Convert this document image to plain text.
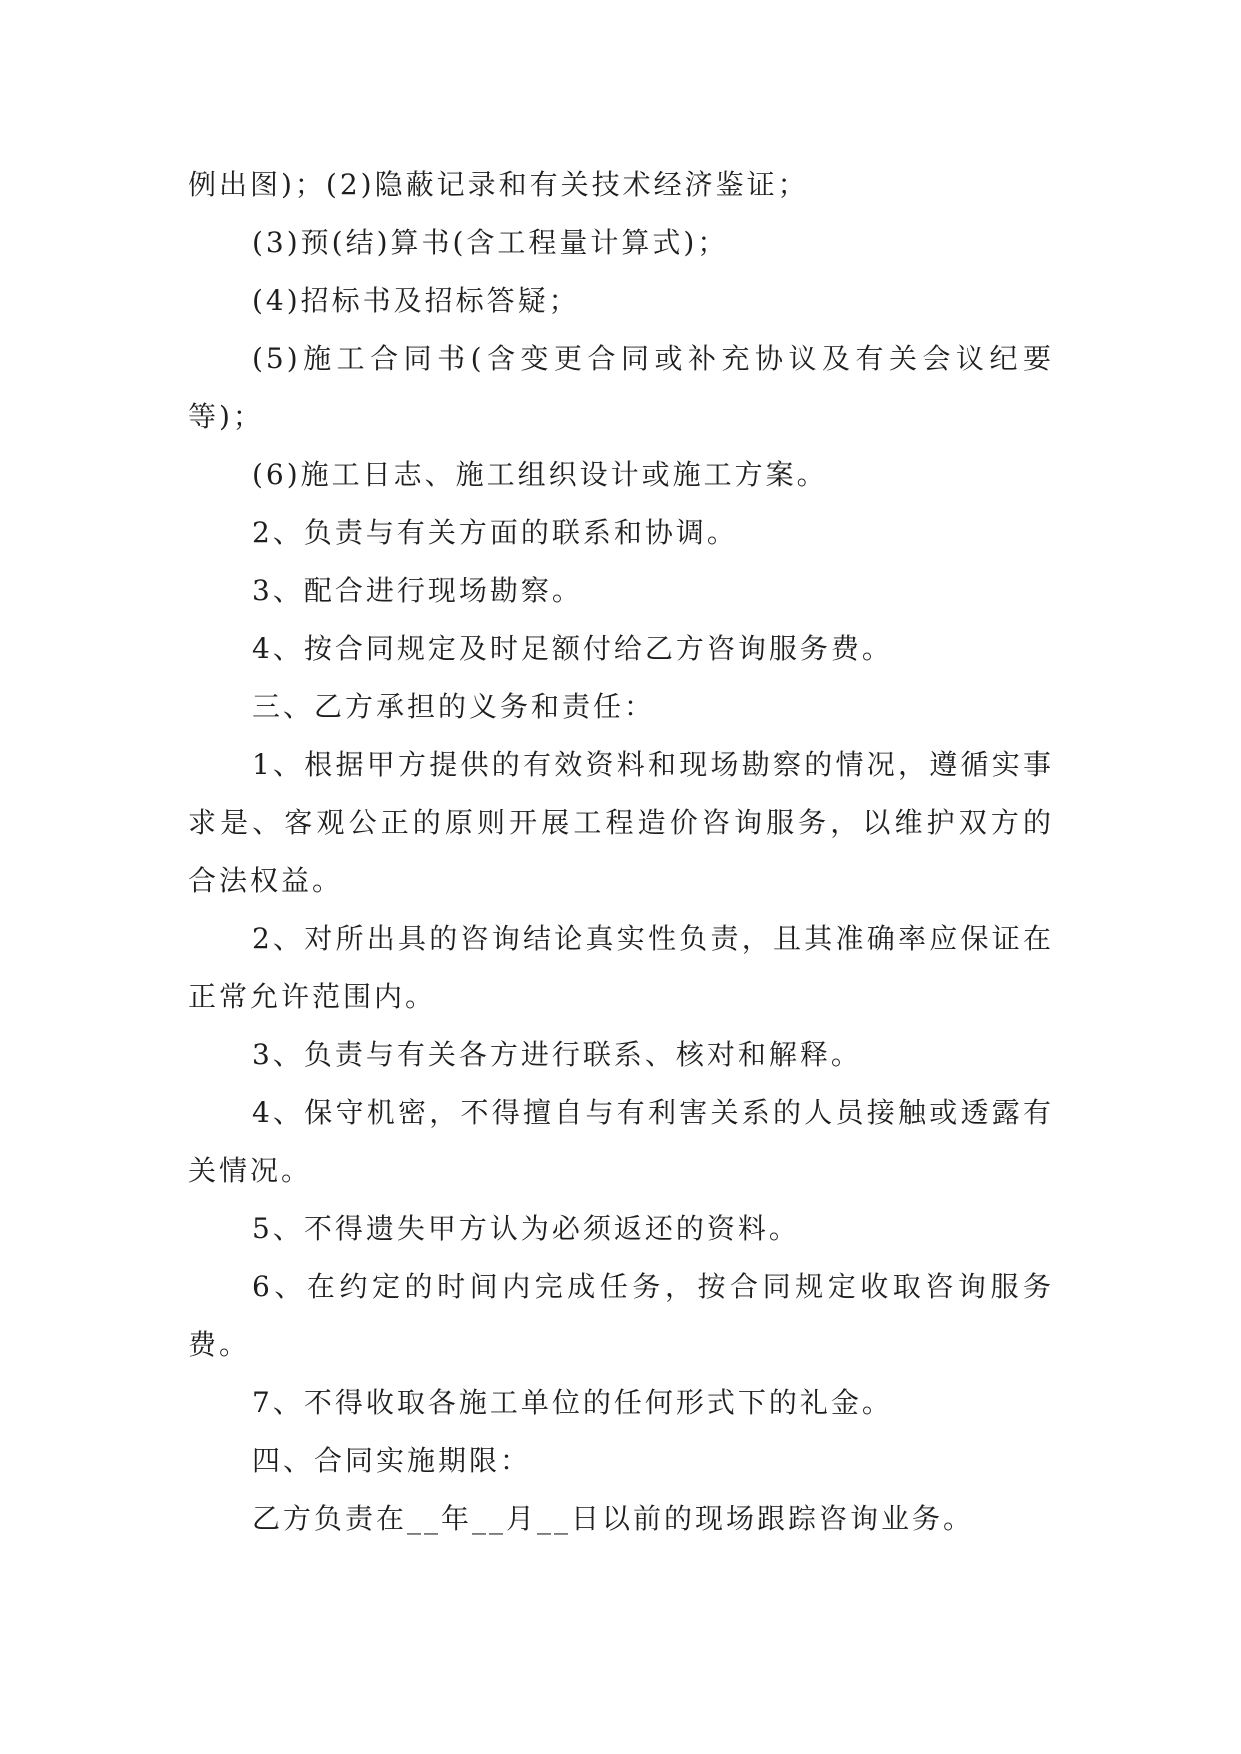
例出图)；(2)隐蔽记录和有关技术经济鉴证；

(3)预(结)算书(含工程量计算式)；

(4)招标书及招标答疑；

(5)施工合同书(含变更合同或补充协议及有关会议纪要等)；

(6)施工日志、施工组织设计或施工方案。

2、负责与有关方面的联系和协调。

3、配合进行现场勘察。

4、按合同规定及时足额付给乙方咨询服务费。

三、乙方承担的义务和责任：

1、根据甲方提供的有效资料和现场勘察的情况，遵循实事求是、客观公正的原则开展工程造价咨询服务，以维护双方的合法权益。

2、对所出具的咨询结论真实性负责，且其准确率应保证在正常允许范围内。

3、负责与有关各方进行联系、核对和解释。

4、保守机密，不得擅自与有利害关系的人员接触或透露有关情况。

5、不得遗失甲方认为必须返还的资料。

6、在约定的时间内完成任务，按合同规定收取咨询服务费。

7、不得收取各施工单位的任何形式下的礼金。

四、合同实施期限：

乙方负责在__年__月__日以前的现场跟踪咨询业务。
